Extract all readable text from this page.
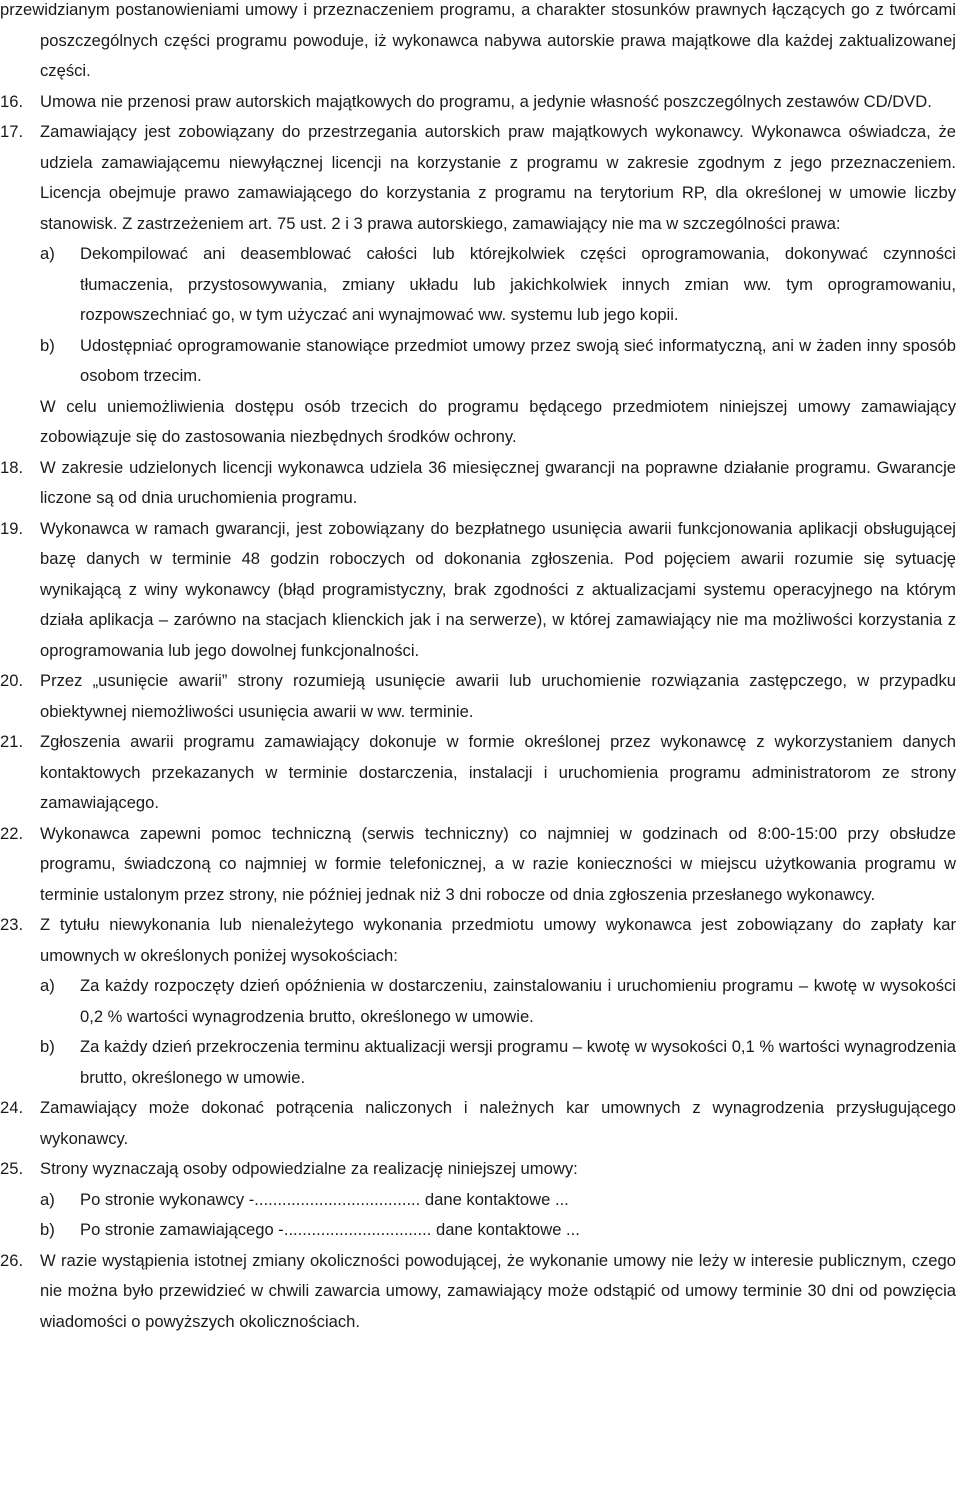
przewidzianym postanowieniami umowy i przeznaczeniem programu, a charakter stosunków prawnych łączących go z twórcami poszczególnych części programu powoduje, iż wykonawca nabywa autorskie prawa majątkowe dla każdej zaktualizowanej części.

16. Umowa nie przenosi praw autorskich majątkowych do programu, a jedynie własność poszczególnych zestawów CD/DVD.
17. Zamawiający jest zobowiązany do przestrzegania autorskich praw majątkowych wykonawcy. Wykonawca oświadcza, że udziela zamawiającemu niewyłącznej licencji na korzystanie z programu w zakresie zgodnym z jego przeznaczeniem. Licencja obejmuje prawo zamawiającego do korzystania z programu na terytorium RP, dla określonej w umowie liczby stanowisk. Z zastrzeżeniem art. 75 ust. 2 i 3 prawa autorskiego, zamawiający nie ma w szczególności prawa:
a) Dekompilować ani deasemblować całości lub którejkolwiek części oprogramowania, dokonywać czynności tłumaczenia, przystosowywania, zmiany układu lub jakichkolwiek innych zmian ww. tym oprogramowaniu, rozpowszechniać go, w tym użyczać ani wynajmować ww. systemu lub jego kopii.
b) Udostępniać oprogramowanie stanowiące przedmiot umowy przez swoją sieć informatyczną, ani w żaden inny sposób osobom trzecim.

W celu uniemożliwienia dostępu osób trzecich do programu będącego przedmiotem niniejszej umowy zamawiający zobowiązuje się do zastosowania niezbędnych środków ochrony.

18. W zakresie udzielonych licencji wykonawca udziela 36 miesięcznej gwarancji na poprawne działanie programu. Gwarancje liczone są od dnia uruchomienia programu.
19. Wykonawca w ramach gwarancji, jest zobowiązany do bezpłatnego usunięcia awarii funkcjonowania aplikacji obsługującej bazę danych w terminie 48 godzin roboczych od dokonania zgłoszenia. Pod pojęciem awarii rozumie się sytuację wynikającą z winy wykonawcy (błąd programistyczny, brak zgodności z aktualizacjami systemu operacyjnego na którym działa aplikacja – zarówno na stacjach klienckich jak i na serwerze), w której zamawiający nie ma możliwości korzystania z oprogramowania lub jego dowolnej funkcjonalności.
20. Przez „usunięcie awarii” strony rozumieją usunięcie awarii lub uruchomienie rozwiązania zastępczego, w przypadku obiektywnej niemożliwości usunięcia awarii w ww. terminie.
21. Zgłoszenia awarii programu zamawiający dokonuje w formie określonej przez wykonawcę z wykorzystaniem danych kontaktowych przekazanych w terminie dostarczenia, instalacji i uruchomienia programu administratorom ze strony zamawiającego.
22. Wykonawca zapewni pomoc techniczną (serwis techniczny) co najmniej w godzinach od 8:00-15:00 przy obsłudze programu, świadczoną co najmniej w formie telefonicznej, a w razie konieczności w miejscu użytkowania programu w terminie ustalonym przez strony, nie później jednak niż 3 dni robocze od dnia zgłoszenia przesłanego wykonawcy.
23. Z tytułu niewykonania lub nienależytego wykonania przedmiotu umowy wykonawca jest zobowiązany do zapłaty kar umownych w określonych poniżej wysokościach:
a) Za każdy rozpoczęty dzień opóźnienia w dostarczeniu, zainstalowaniu i uruchomieniu programu – kwotę w wysokości 0,2 % wartości wynagrodzenia brutto, określonego w umowie.
b) Za każdy dzień przekroczenia terminu aktualizacji wersji programu – kwotę w wysokości 0,1 % wartości wynagrodzenia brutto, określonego w umowie.
24. Zamawiający może dokonać potrącenia naliczonych i należnych kar umownych z wynagrodzenia przysługującego wykonawcy.
25. Strony wyznaczają osoby odpowiedzialne za realizację niniejszej umowy:
a) Po stronie wykonawcy -.................................... dane kontaktowe ...
b) Po stronie zamawiającego -................................ dane kontaktowe ...
26. W razie wystąpienia istotnej zmiany okoliczności powodującej, że wykonanie umowy nie leży w interesie publicznym, czego nie można było przewidzieć w chwili zawarcia umowy, zamawiający może odstąpić od umowy terminie 30 dni od powzięcia wiadomości o powyższych okolicznościach.
